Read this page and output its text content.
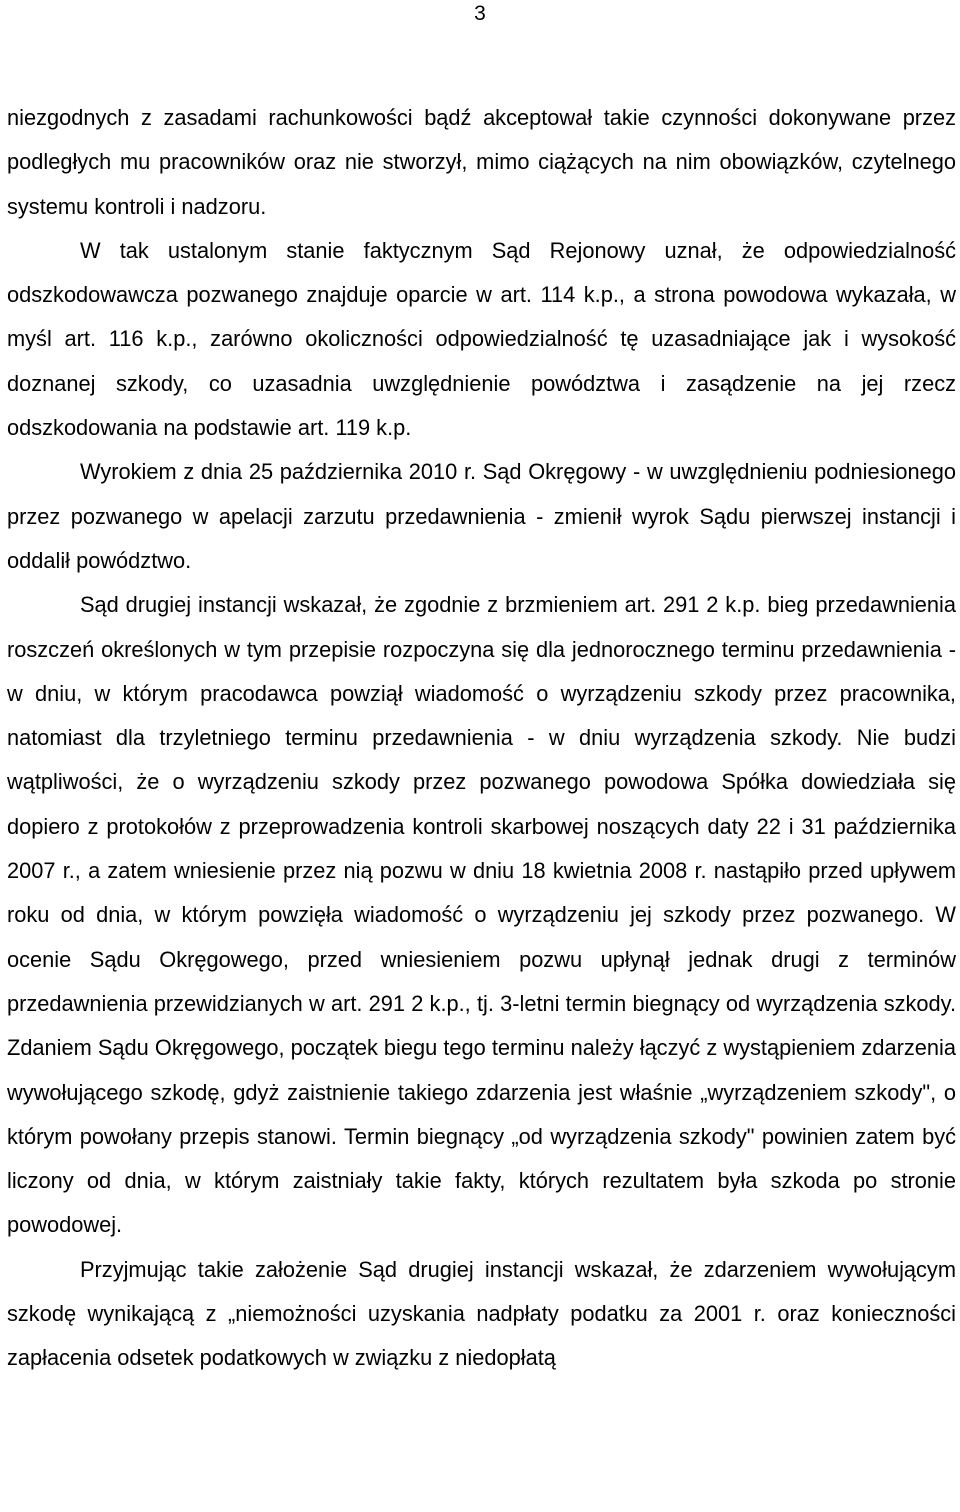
3

niezgodnych z zasadami rachunkowości bądź akceptował takie czynności dokonywane przez podległych mu pracowników oraz nie stworzył, mimo ciążących na nim obowiązków, czytelnego systemu kontroli i nadzoru.

W tak ustalonym stanie faktycznym Sąd Rejonowy uznał, że odpowiedzialność odszkodowawcza pozwanego znajduje oparcie w art. 114 k.p., a strona powodowa wykazała, w myśl art. 116 k.p., zarówno okoliczności odpowiedzialność tę uzasadniające jak i wysokość doznanej szkody, co uzasadnia uwzględnienie powództwa i zasądzenie na jej rzecz odszkodowania na podstawie art. 119 k.p.

Wyrokiem z dnia 25 października 2010 r. Sąd Okręgowy - w uwzględnieniu podniesionego przez pozwanego w apelacji zarzutu przedawnienia - zmienił wyrok Sądu pierwszej instancji i oddalił powództwo.

Sąd drugiej instancji wskazał, że zgodnie z brzmieniem art. 291 2 k.p. bieg przedawnienia roszczeń określonych w tym przepisie rozpoczyna się dla jednorocznego terminu przedawnienia - w dniu, w którym pracodawca powziął wiadomość o wyrządzeniu szkody przez pracownika, natomiast dla trzyletniego terminu przedawnienia - w dniu wyrządzenia szkody. Nie budzi wątpliwości, że o wyrządzeniu szkody przez pozwanego powodowa Spółka dowiedziała się dopiero z protokołów z przeprowadzenia kontroli skarbowej noszących daty 22 i 31 października 2007 r., a zatem wniesienie przez nią pozwu w dniu 18 kwietnia 2008 r. nastąpiło przed upływem roku od dnia, w którym powzięła wiadomość o wyrządzeniu jej szkody przez pozwanego. W ocenie Sądu Okręgowego, przed wniesieniem pozwu upłynął jednak drugi z terminów przedawnienia przewidzianych w art. 291 2 k.p., tj. 3-letni termin biegnący od wyrządzenia szkody. Zdaniem Sądu Okręgowego, początek biegu tego terminu należy łączyć z wystąpieniem zdarzenia wywołującego szkodę, gdyż zaistnienie takiego zdarzenia jest właśnie „wyrządzeniem szkody", o którym powołany przepis stanowi. Termin biegnący „od wyrządzenia szkody" powinien zatem być liczony od dnia, w którym zaistniały takie fakty, których rezultatem była szkoda po stronie powodowej.

Przyjmując takie założenie Sąd drugiej instancji wskazał, że zdarzeniem wywołującym szkodę wynikającą z „niemożności uzyskania nadpłaty podatku za 2001 r. oraz konieczności zapłacenia odsetek podatkowych w związku z niedopłatą
